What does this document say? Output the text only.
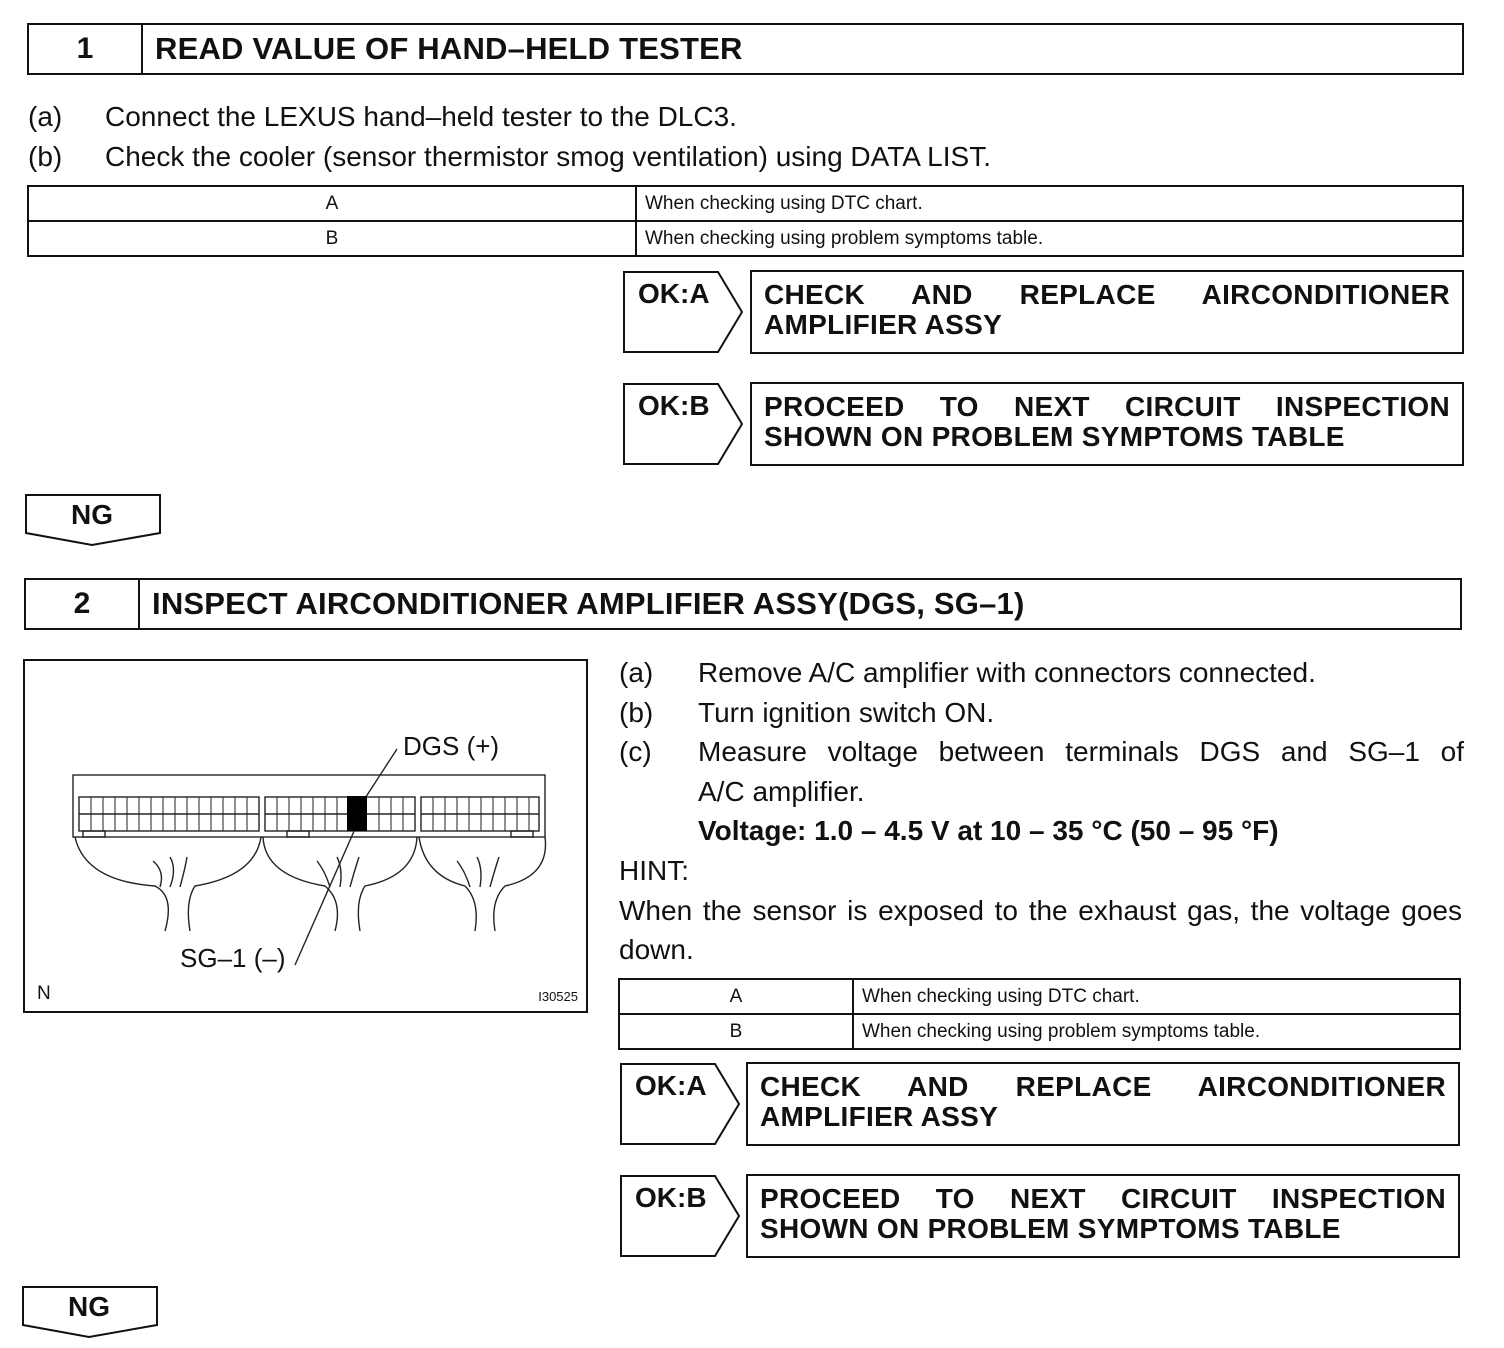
1	READ VALUE OF HAND–HELD TESTER
(a) Connect the LEXUS hand–held tester to the DLC3.
(b) Check the cooler (sensor thermistor smog ventilation) using DATA LIST.
A	When checking using DTC chart.
B	When checking using problem symptoms table.
OK:A CHECK AND REPLACE AIRCONDITIONER
AMPLIFIER ASSY
OK:B PROCEED TO NEXT CIRCUIT INSPECTION
SHOWN ON PROBLEM SYMPTOMS TABLE
NG
2	INSPECT AIRCONDITIONER AMPLIFIER ASSY(DGS, SG–1)
DGS (+)
SG–1 (–)
N	I30525
(a) Remove A/C amplifier with connectors connected.
(b) Turn ignition switch ON.
(c) Measure voltage between terminals DGS and SG–1 of
A/C amplifier.
Voltage: 1.0 – 4.5 V at 10 – 35 °C (50 – 95 °F)
HINT:
When the sensor is exposed to the exhaust gas, the voltage goes down.
A	When checking using DTC chart.
B	When checking using problem symptoms table.
OK:A CHECK AND REPLACE AIRCONDITIONER
AMPLIFIER ASSY
OK:B PROCEED TO NEXT CIRCUIT INSPECTION
SHOWN ON PROBLEM SYMPTOMS TABLE
NG
